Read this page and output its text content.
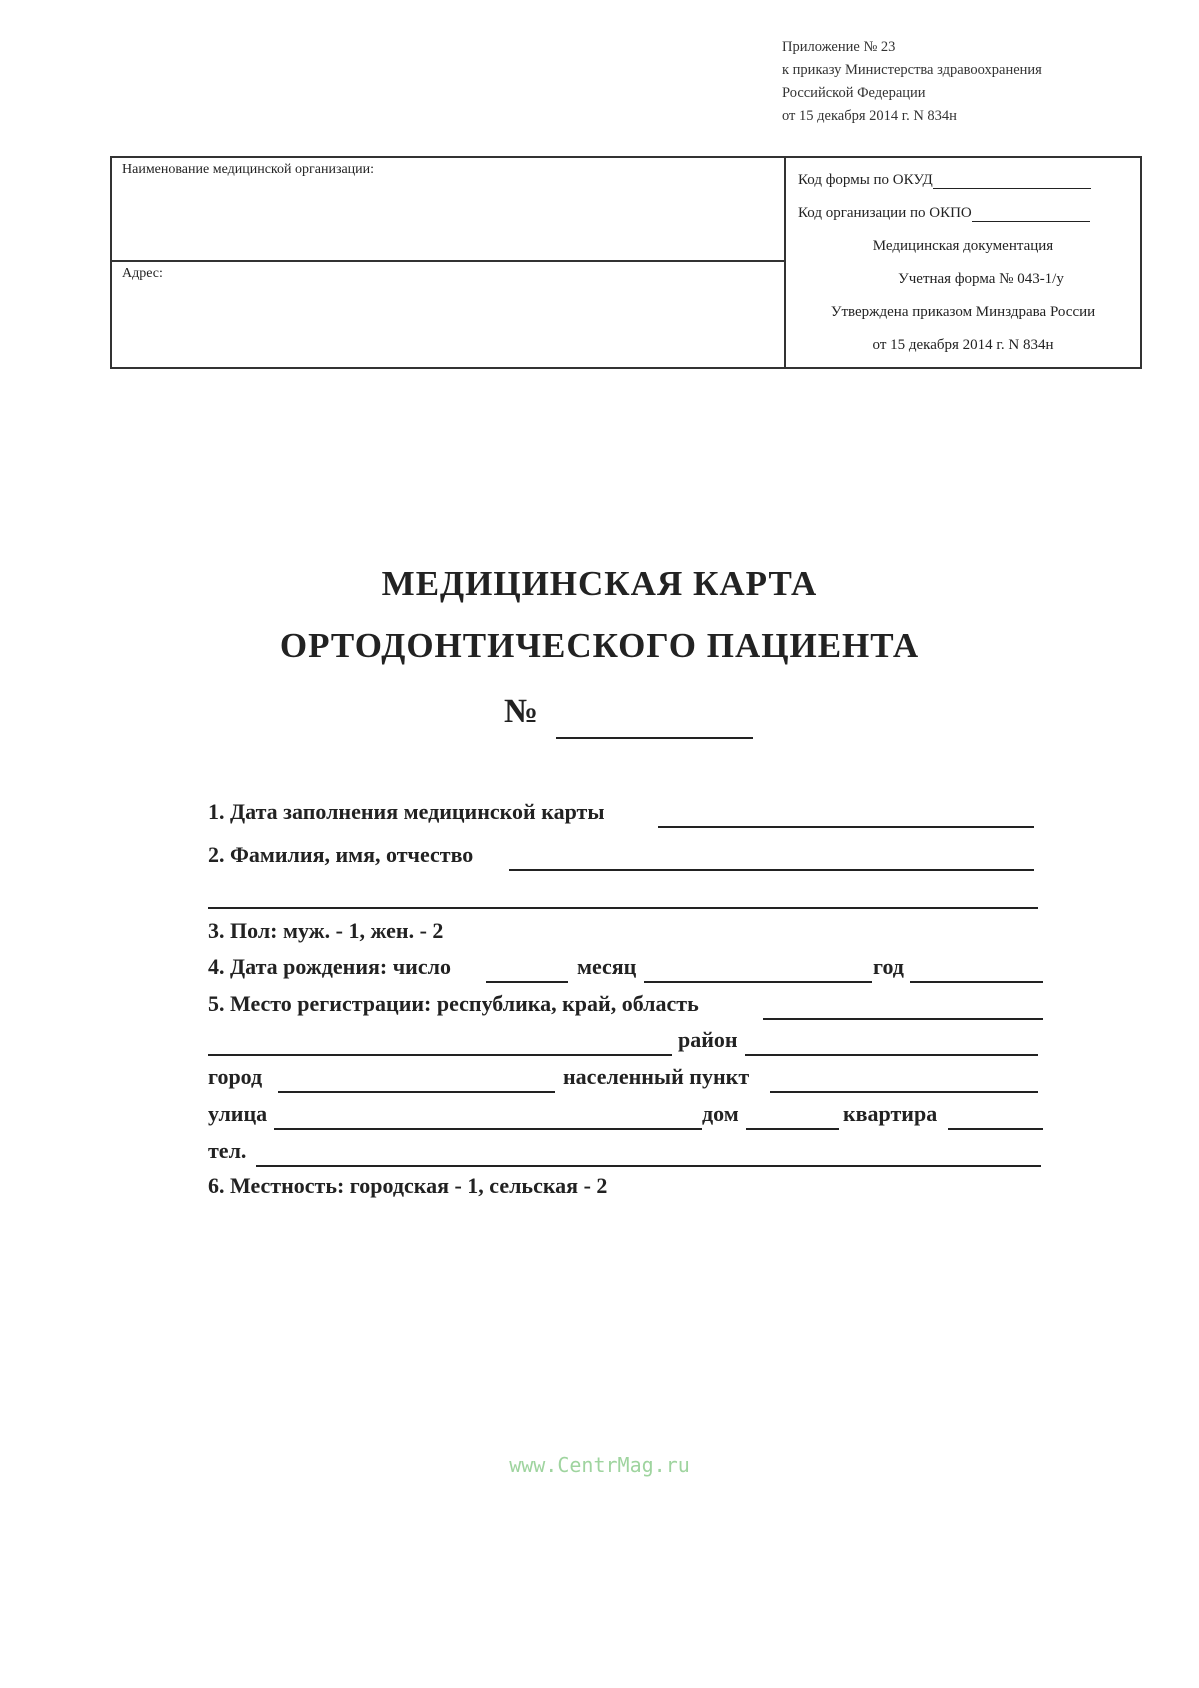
Приложение № 23
к приказу Министерства здравоохранения
Российской Федерации
от 15 декабря 2014 г. N 834н
Наименование медицинской организации:
Адрес:
Код формы по ОКУД
Код организации по ОКПО
Медицинская документация
Учетная форма № 043-1/у
Утверждена приказом Минздрава России
от 15 декабря 2014 г. N 834н
МЕДИЦИНСКАЯ КАРТА
ОРТОДОНТИЧЕСКОГО ПАЦИЕНТА
№
1. Дата заполнения медицинской карты
2. Фамилия, имя, отчество
3. Пол: муж. - 1, жен. - 2
4. Дата рождения: число	месяц	год
5. Место регистрации: республика, край, область
район
город	населенный пункт
улица	дом	квартира
тел.
6. Местность: городская - 1, сельская - 2
www.CentrMag.ru
